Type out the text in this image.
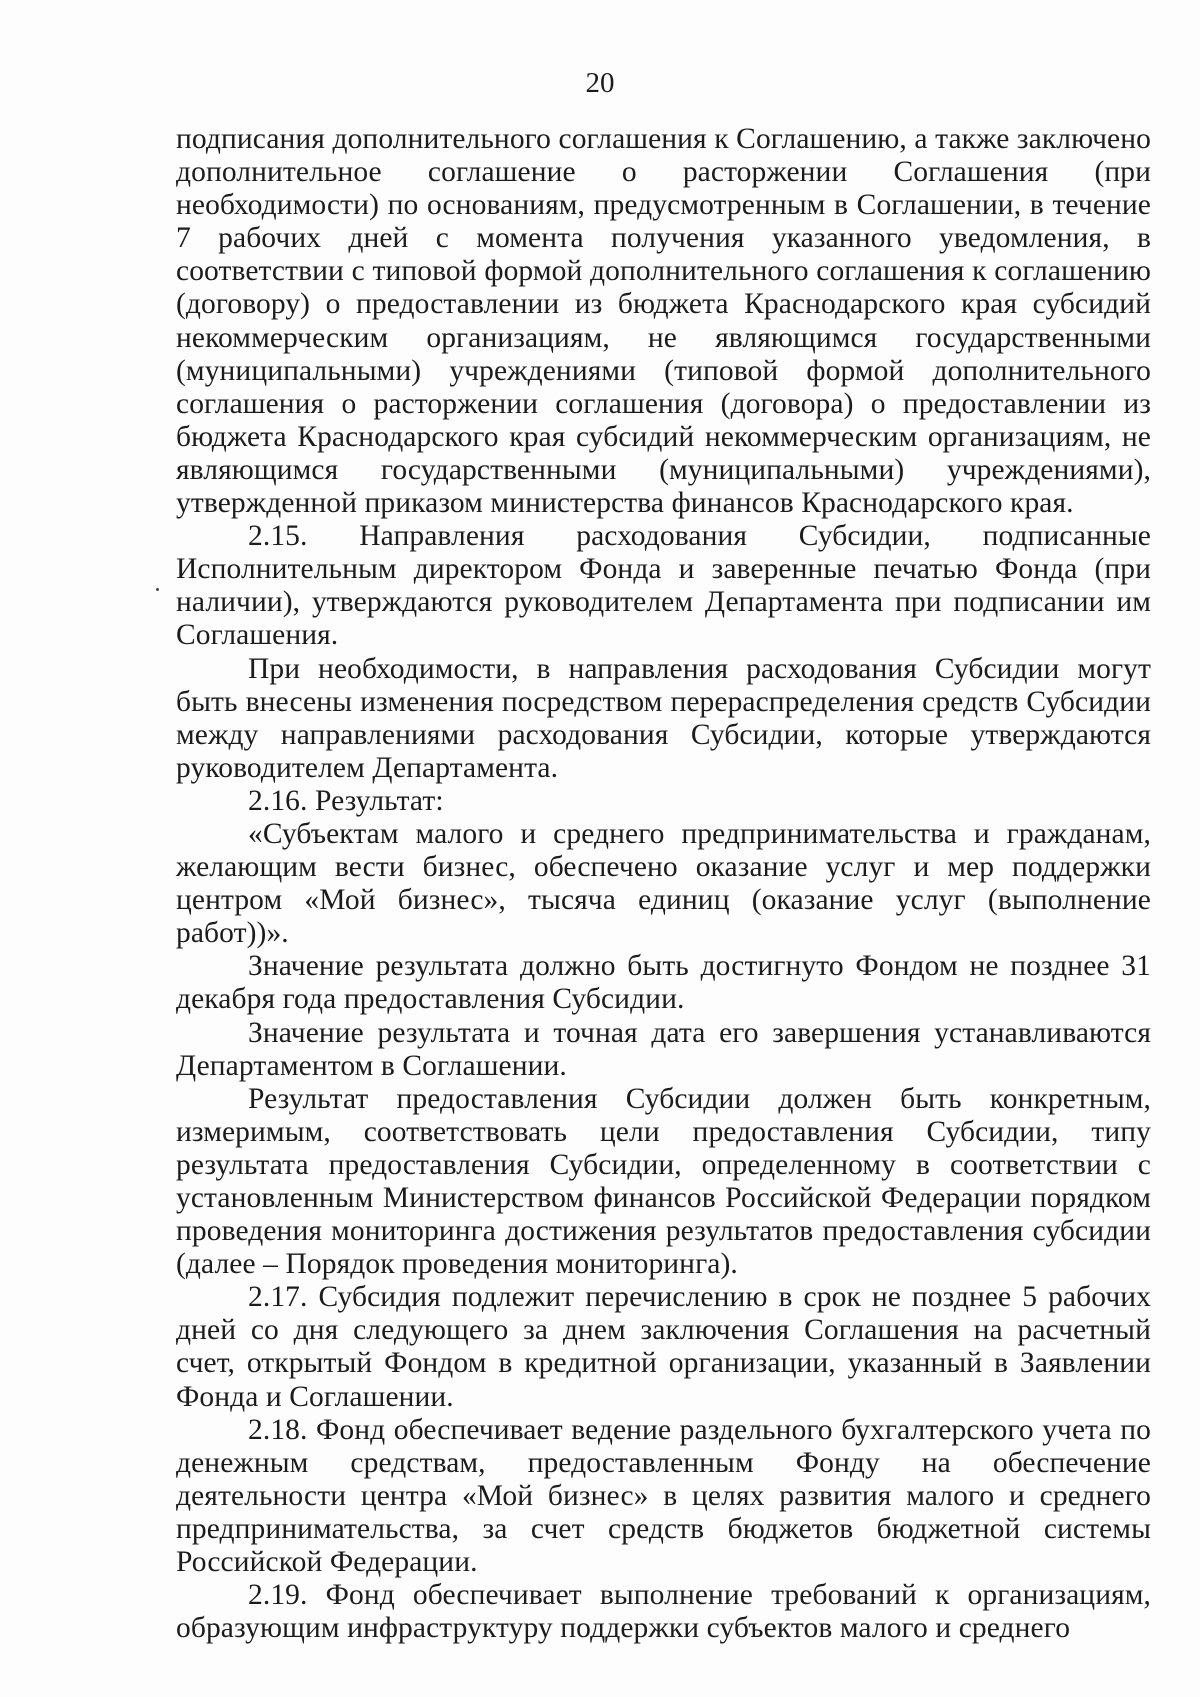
20

подписания дополнительного соглашения к Соглашению, а также заключено дополнительное соглашение о расторжении Соглашения (при необходимости) по основаниям, предусмотренным в Соглашении, в течение 7 рабочих дней с момента получения указанного уведомления, в соответствии с типовой формой дополнительного соглашения к соглашению (договору) о предоставлении из бюджета Краснодарского края субсидий некоммерческим организациям, не являющимся государственными (муниципальными) учреждениями (типовой формой дополнительного соглашения о расторжении соглашения (договора) о предоставлении из бюджета Краснодарского края субсидий некоммерческим организациям, не являющимся государственными (муниципальными) учреждениями), утвержденной приказом министерства финансов Краснодарского края.

2.15. Направления расходования Субсидии, подписанные Исполнительным директором Фонда и заверенные печатью Фонда (при наличии), утверждаются руководителем Департамента при подписании им Соглашения.

При необходимости, в направления расходования Субсидии могут быть внесены изменения посредством перераспределения средств Субсидии между направлениями расходования Субсидии, которые утверждаются руководителем Департамента.

2.16. Результат:

«Субъектам малого и среднего предпринимательства и гражданам, желающим вести бизнес, обеспечено оказание услуг и мер поддержки центром «Мой бизнес», тысяча единиц (оказание услуг (выполнение работ))».

Значение результата должно быть достигнуто Фондом не позднее 31 декабря года предоставления Субсидии.

Значение результата и точная дата его завершения устанавливаются Департаментом в Соглашении.

Результат предоставления Субсидии должен быть конкретным, измеримым, соответствовать цели предоставления Субсидии, типу результата предоставления Субсидии, определенному в соответствии с установленным Министерством финансов Российской Федерации порядком проведения мониторинга достижения результатов предоставления субсидии (далее – Порядок проведения мониторинга).

2.17. Субсидия подлежит перечислению в срок не позднее 5 рабочих дней со дня следующего за днем заключения Соглашения на расчетный счет, открытый Фондом в кредитной организации, указанный в Заявлении Фонда и Соглашении.

2.18. Фонд обеспечивает ведение раздельного бухгалтерского учета по денежным средствам, предоставленным Фонду на обеспечение деятельности центра «Мой бизнес» в целях развития малого и среднего предпринимательства, за счет средств бюджетов бюджетной системы Российской Федерации.

2.19. Фонд обеспечивает выполнение требований к организациям, образующим инфраструктуру поддержки субъектов малого и среднего
